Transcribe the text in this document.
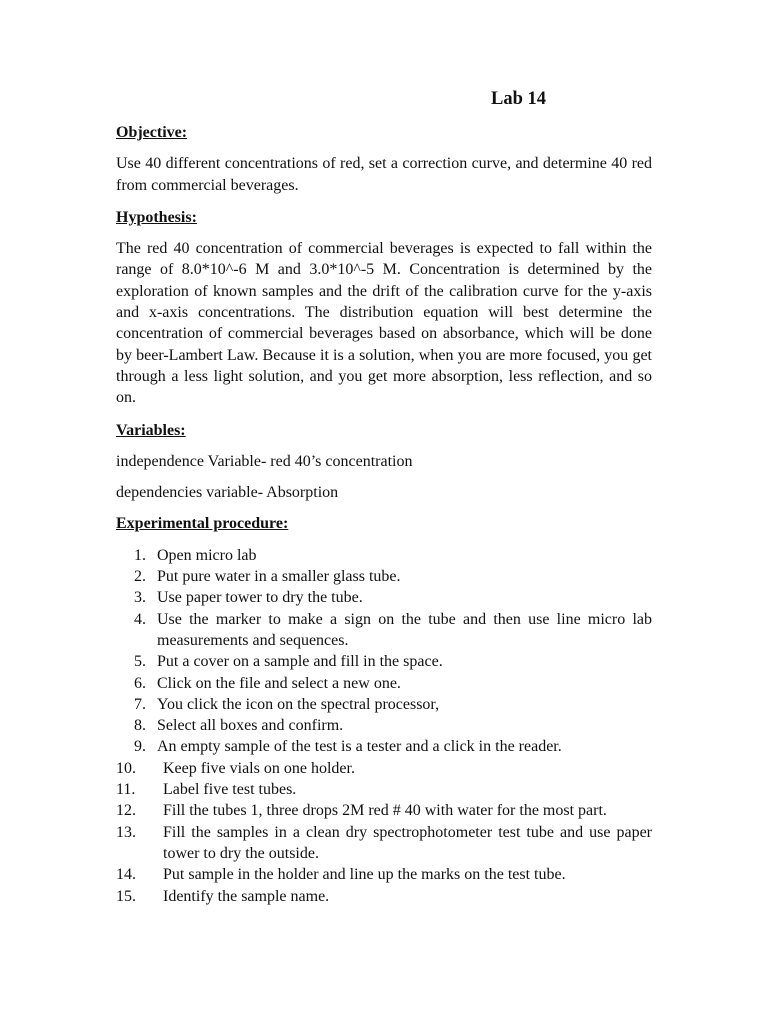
Lab 14

Objective:

Use 40 different concentrations of red, set a correction curve, and determine 40 red from commercial beverages.

Hypothesis:

The red 40 concentration of commercial beverages is expected to fall within the range of 8.0*10^-6 M and 3.0*10^-5 M. Concentration is determined by the exploration of known samples and the drift of the calibration curve for the y-axis and x-axis concentrations. The distribution equation will best determine the concentration of commercial beverages based on absorbance, which will be done by beer-Lambert Law. Because it is a solution, when you are more focused, you get through a less light solution, and you get more absorption, less reflection, and so on.

Variables:

independence Variable- red 40’s concentration

dependencies variable- Absorption

Experimental procedure:

1. Open micro lab
2. Put pure water in a smaller glass tube.
3. Use paper tower to dry the tube.
4. Use the marker to make a sign on the tube and then use line micro lab measurements and sequences.
5. Put a cover on a sample and fill in the space.
6. Click on the file and select a new one.
7. You click the icon on the spectral processor,
8. Select all boxes and confirm.
9. An empty sample of the test is a tester and a click in the reader.
10.	Keep five vials on one holder.
11.	Label five test tubes.
12.	Fill the tubes 1, three drops 2M red # 40 with water for the most part.
13.	Fill the samples in a clean dry spectrophotometer test tube and use paper tower to dry the outside.
14.	Put sample in the holder and line up the marks on the test tube.
15.	Identify the sample name.
